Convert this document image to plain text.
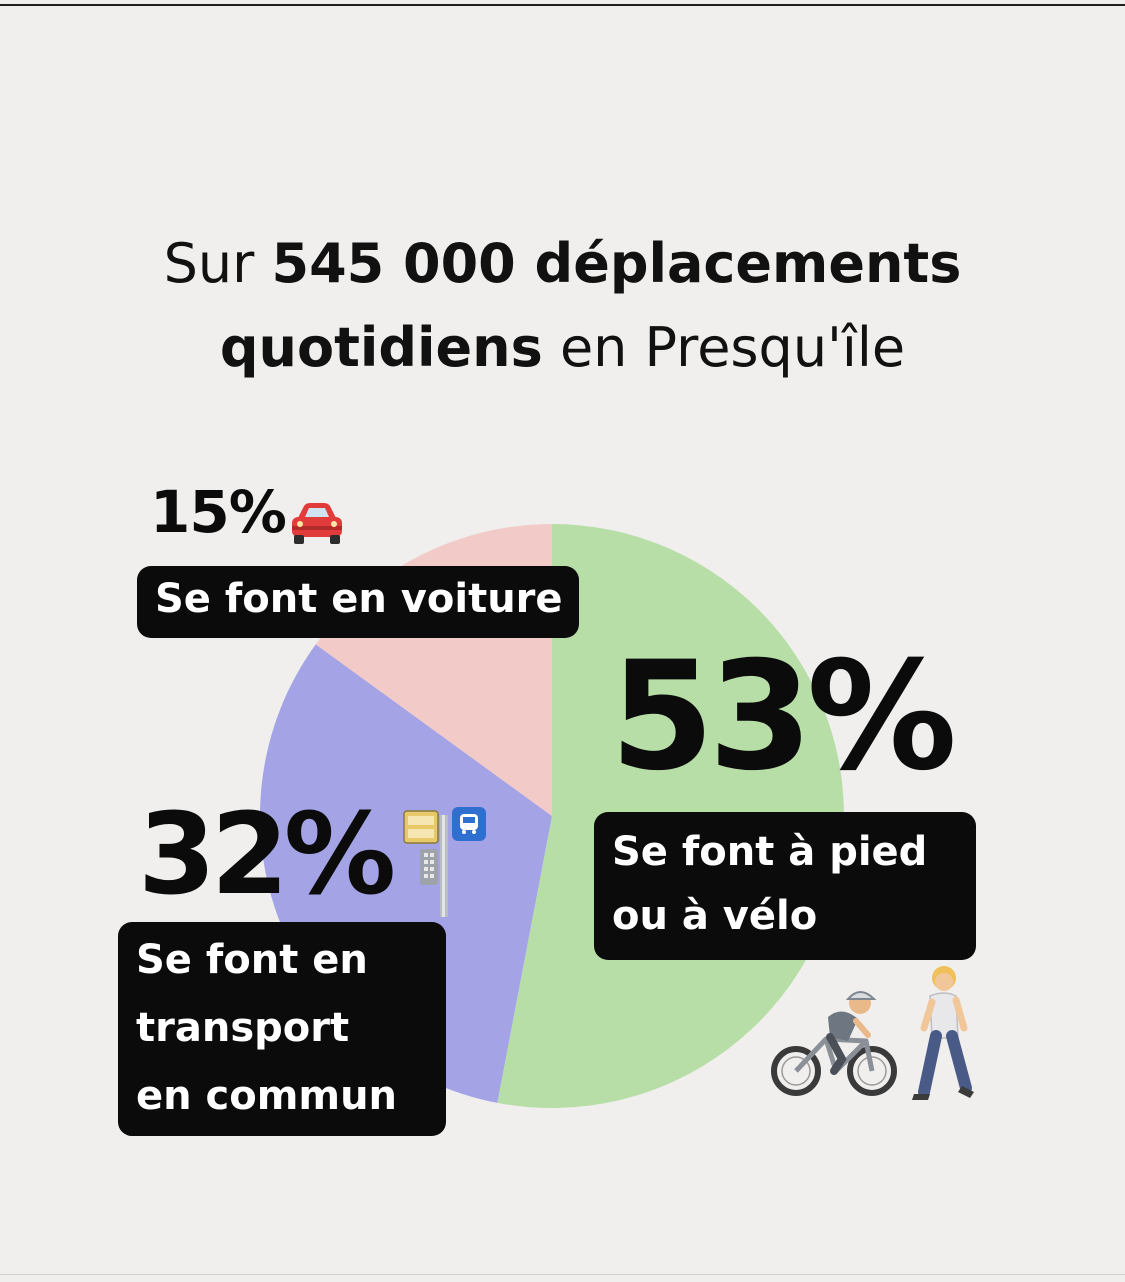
Sur 545 000 déplacements
quotidiens en Presqu'île
15%
53%
32%
Se font en voiture
Se font à pied
ou à vélo
Se font en
transport
en commun
